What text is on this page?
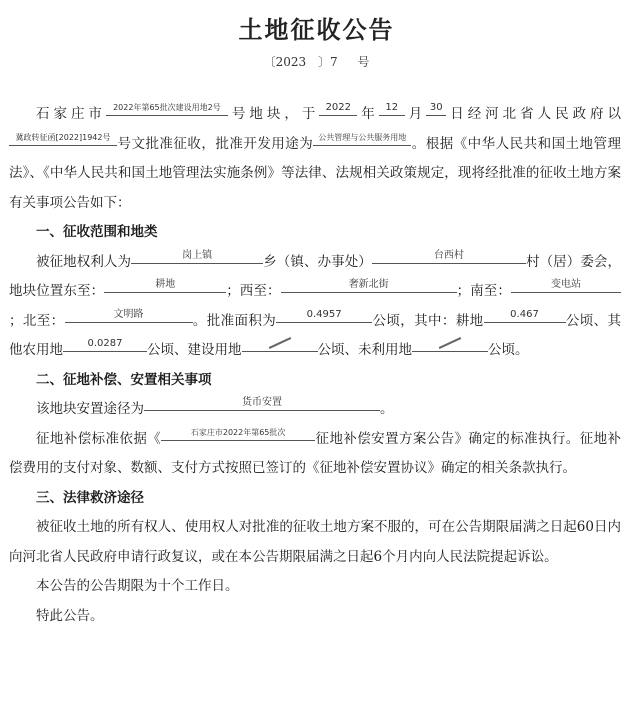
土地征收公告
〔2023 〕7 号

石家庄市 2022年第65批次建设用地2号 号地块，于 2022 年 12 月 30 日经河北省人民政府以冀政转征函[2022]1942号 号文批准征收，批准开发用途为 公共管理与公共服务用地 。根据《中华人民共和国土地管理法》、《中华人民共和国土地管理法实施条例》等法律、法规相关政策规定，现将经批准的征收土地方案有关事项公告如下：

一、征收范围和地类

被征地权利人为	岗上镇	乡（镇、办事处）	台西村	村（居）委会，地块位置东至：	耕地	；西至：	奢新北街	；南至：	变电站；北至：	文明路	。批准面积为	0.4957 公顷，其中：耕地	0.467 公顷、其他农用地 0.0287 公顷、建设用地	公顷、未利用地	公顷。

二、征地补偿、安置相关事项

该地块安置途径为	货币安置	。

征地补偿标准依据《	石家庄市2022年第65批次 征地补偿安置方案公告》确定的标准执行。征地补偿费用的支付对象、数额、支付方式按照已签订的《征地补偿安置协议》确定的相关条款执行。

三、法律救济途径

被征收土地的所有权人、使用权人对批准的征收土地方案不服的，可在公告期限届满之日起60日内向河北省人民政府申请行政复议，或在本公告期限届满之日起6个月内向人民法院提起诉讼。

本公告的公告期限为十个工作日。

特此公告。
